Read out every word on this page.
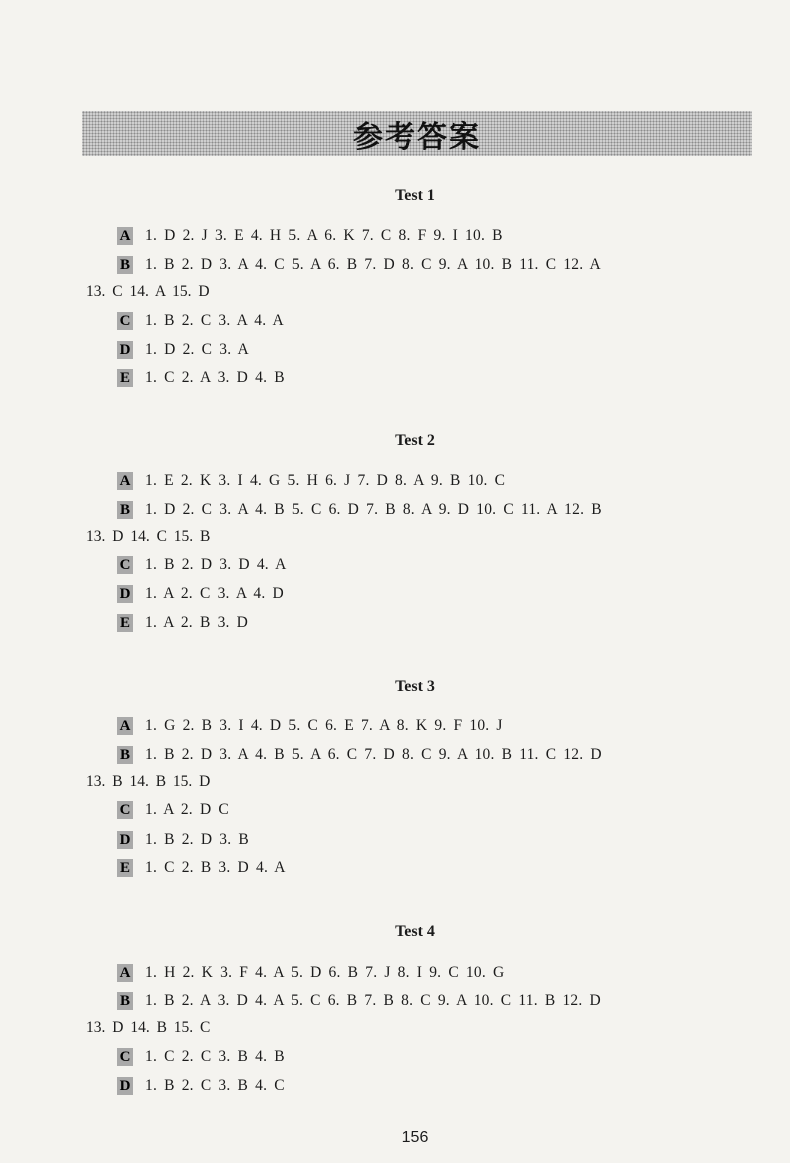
参考答案
Test 1
A 1. D 2. J 3. E 4. H 5. A 6. K 7. C 8. F 9. I 10. B
B 1. B 2. D 3. A 4. C 5. A 6. B 7. D 8. C 9. A 10. B 11. C 12. A
13. C 14. A 15. D
C 1. B 2. C 3. A 4. A
D 1. D 2. C 3. A
E 1. C 2. A 3. D 4. B
Test 2
A 1. E 2. K 3. I 4. G 5. H 6. J 7. D 8. A 9. B 10. C
B 1. D 2. C 3. A 4. B 5. C 6. D 7. B 8. A 9. D 10. C 11. A 12. B
13. D 14. C 15. B
C 1. B 2. D 3. D 4. A
D 1. A 2. C 3. A 4. D
E 1. A 2. B 3. D
Test 3
A 1. G 2. B 3. I 4. D 5. C 6. E 7. A 8. K 9. F 10. J
B 1. B 2. D 3. A 4. B 5. A 6. C 7. D 8. C 9. A 10. B 11. C 12. D
13. B 14. B 15. D
C 1. A 2. D C
D 1. B 2. D 3. B
E 1. C 2. B 3. D 4. A
Test 4
A 1. H 2. K 3. F 4. A 5. D 6. B 7. J 8. I 9. C 10. G
B 1. B 2. A 3. D 4. A 5. C 6. B 7. B 8. C 9. A 10. C 11. B 12. D
13. D 14. B 15. C
C 1. C 2. C 3. B 4. B
D 1. B 2. C 3. B 4. C
156
